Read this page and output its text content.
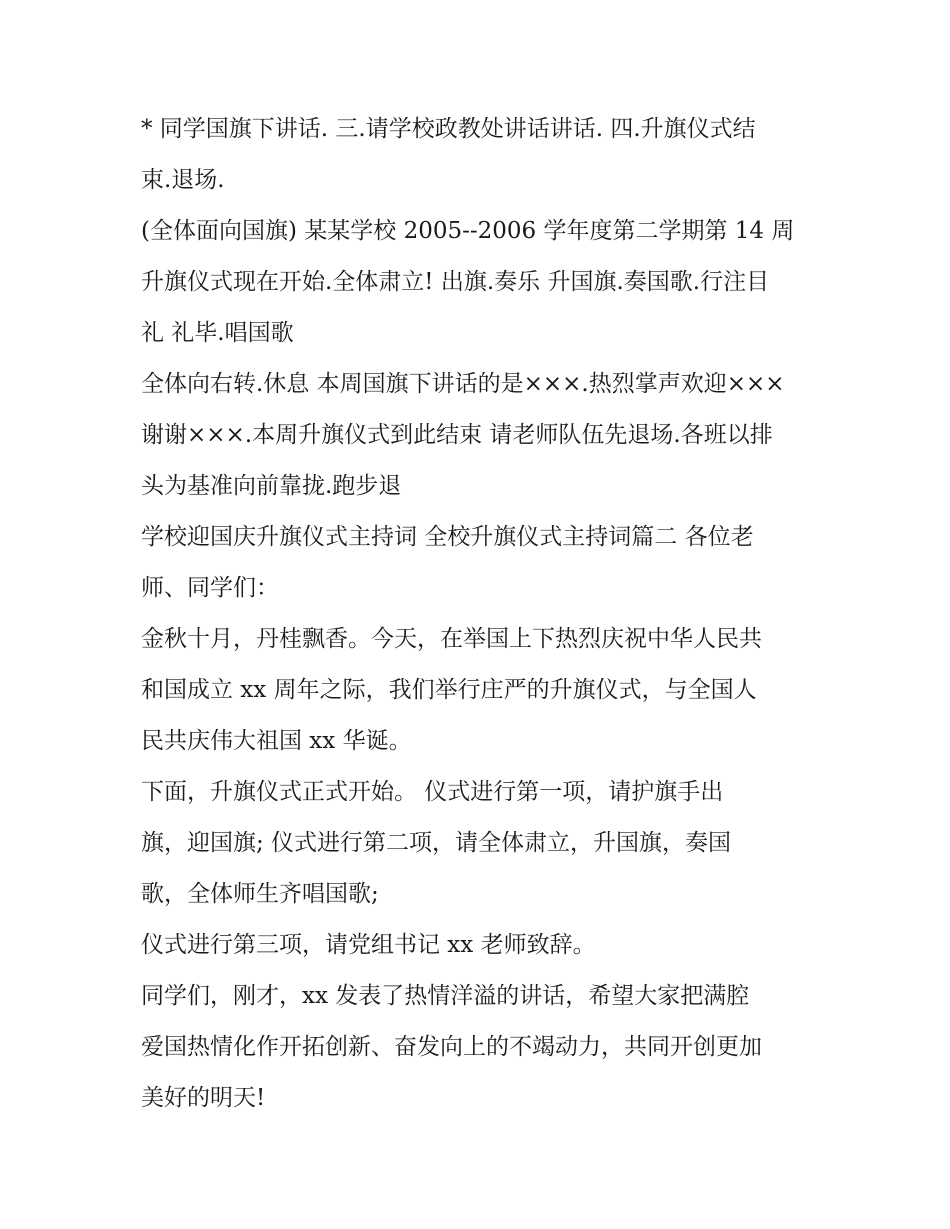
* 同学国旗下讲话. 三.请学校政教处讲话讲话. 四.升旗仪式结
束.退场.
(全体面向国旗) 某某学校 2005--2006 学年度第二学期第 14 周
升旗仪式现在开始.全体肃立! 出旗.奏乐 升国旗.奏国歌.行注目
礼 礼毕.唱国歌
全体向右转.休息 本周国旗下讲话的是×××.热烈掌声欢迎×××
谢谢×××.本周升旗仪式到此结束 请老师队伍先退场.各班以排
头为基准向前靠拢.跑步退
学校迎国庆升旗仪式主持词 全校升旗仪式主持词篇二 各位老
师、同学们：
金秋十月，丹桂飘香。今天，在举国上下热烈庆祝中华人民共
和国成立 xx 周年之际，我们举行庄严的升旗仪式，与全国人
民共庆伟大祖国 xx 华诞。
下面，升旗仪式正式开始。 仪式进行第一项，请护旗手出
旗，迎国旗; 仪式进行第二项，请全体肃立，升国旗，奏国
歌，全体师生齐唱国歌;
仪式进行第三项，请党组书记 xx 老师致辞。
同学们，刚才，xx 发表了热情洋溢的讲话，希望大家把满腔
爱国热情化作开拓创新、奋发向上的不竭动力，共同开创更加
美好的明天!
